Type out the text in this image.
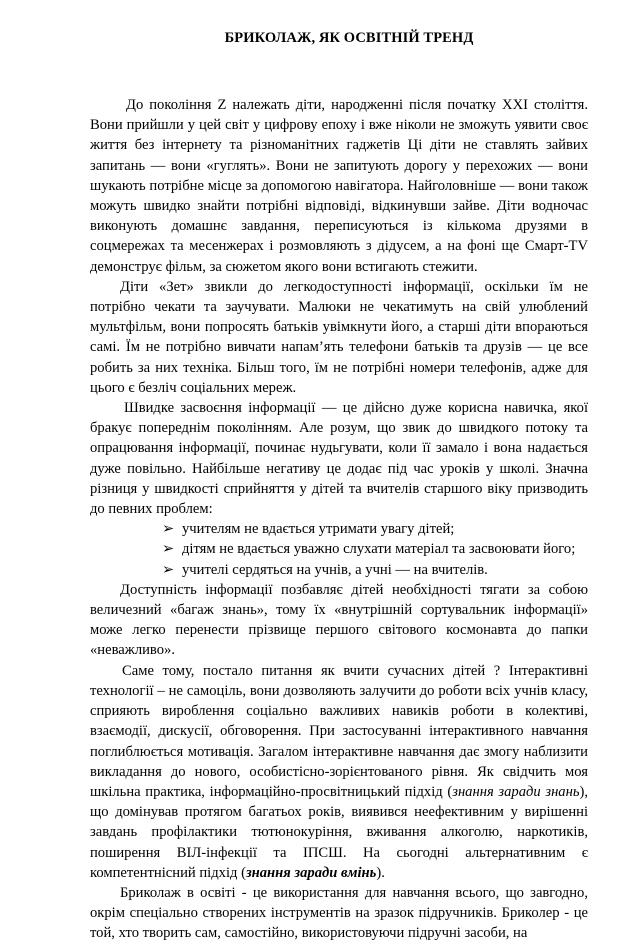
БРИКОЛАЖ, ЯК ОСВІТНІЙ ТРЕНД

До покоління Z належать діти, народженні після початку XXI століття. Вони прийшли у цей світ у цифрову епоху і вже ніколи не зможуть уявити своє життя без інтернету та різноманітних гаджетів Ці діти не ставлять зайвих запитань — вони «гуглять». Вони не запитують дорогу у перехожих — вони шукають потрібне місце за допомогою навігатора. Найголовніше — вони також можуть швидко знайти потрібні відповіді, відкинувши зайве. Діти водночас виконують домашнє завдання, переписуються із кількома друзями в соцмережах та месенжерах і розмовляють з дідусем, а на фоні ще Смарт-TV демонструє фільм, за сюжетом якого вони встигають стежити.

Діти «Зет» звикли до легкодоступності інформації, оскільки їм не потрібно чекати та заучувати. Малюки не чекатимуть на свій улюблений мультфільм, вони попросять батьків увімкнути його, а старші діти впораються самі. Їм не потрібно вивчати напам’ять телефони батьків та друзів — це все робить за них техніка. Більш того, їм не потрібні номери телефонів, адже для цього є безліч соціальних мереж.

Швидке засвоєння інформації — це дійсно дуже корисна навичка, якої бракує попереднім поколінням. Але розум, що звик до швидкого потоку та опрацювання інформації, починає нудьгувати, коли її замало і вона надається дуже повільно. Найбільше негативу це додає під час уроків у школі. Значна різниця у швидкості сприйняття у дітей та вчителів старшого віку призводить до певних проблем:

➢ учителям не вдається утримати увагу дітей;
➢ дітям не вдається уважно слухати матеріал та засвоювати його;
➢ учителі сердяться на учнів, а учні — на вчителів.

Доступність інформації позбавляє дітей необхідності тягати за собою величезний «багаж знань», тому їх «внутрішній сортувальник інформації» може легко перенести прізвище першого світового космонавта до папки «неважливо».

Саме тому, постало питання як вчити сучасних дітей ? Інтерактивні технології – не самоціль, вони дозволяють залучити до роботи всіх учнів класу, сприяють вироблення соціально важливих навиків роботи в колективі, взаємодії, дискусії, обговорення. При застосуванні інтерактивного навчання поглиблюється мотивація. Загалом інтерактивне навчання дає змогу наблизити викладання до нового, особистісно-зорієнтованого рівня. Як свідчить моя шкільна практика, інформаційно-просвітницький підхід (знання заради знань), що домінував протягом багатьох років, виявився неефективним у вирішенні завдань профілактики тютюнокуріння, вживання алкоголю, наркотиків, поширення ВІЛ-інфекції та ІПСШ. На сьогодні альтернативним є компетентнісний підхід (знання заради вмінь).

Бриколаж в освіті - це використання для навчання всього, що завгодно, окрім спеціально створених інструментів на зразок підручників. Бриколер - це той, хто творить сам, самостійно, використовуючи підручні засоби, на
